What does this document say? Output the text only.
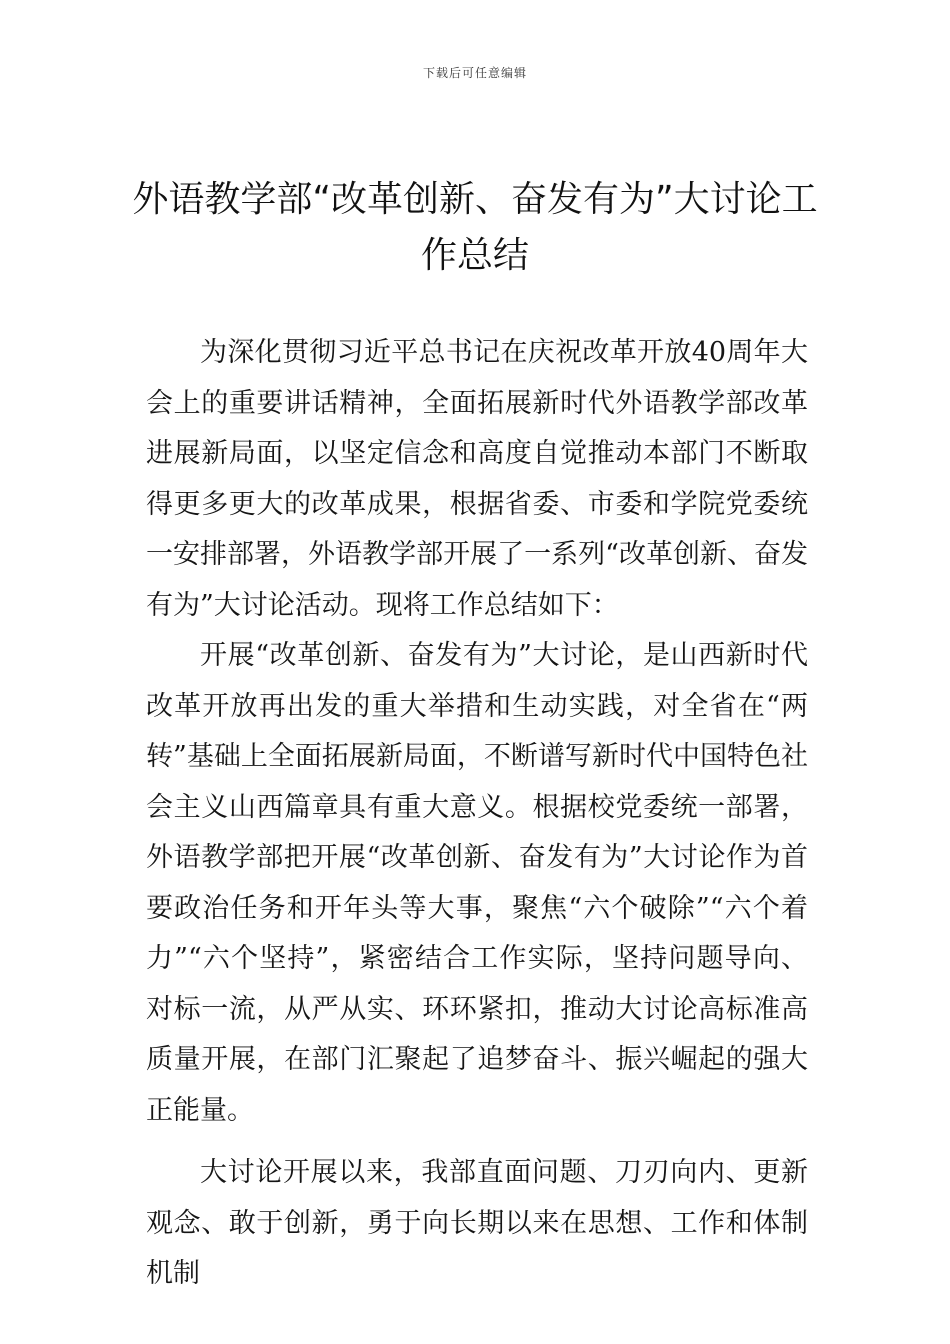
下载后可任意编辑
外语教学部“改革创新、奋发有为”大讨论工作总结

为深化贯彻习近平总书记在庆祝改革开放40周年大会上的重要讲话精神，全面拓展新时代外语教学部改革进展新局面，以坚定信念和高度自觉推动本部门不断取得更多更大的改革成果，根据省委、市委和学院党委统一安排部署，外语教学部开展了一系列“改革创新、奋发有为”大讨论活动。现将工作总结如下：

开展“改革创新、奋发有为”大讨论，是山西新时代改革开放再出发的重大举措和生动实践，对全省在“两转”基础上全面拓展新局面，不断谱写新时代中国特色社会主义山西篇章具有重大意义。根据校党委统一部署，外语教学部把开展“改革创新、奋发有为”大讨论作为首要政治任务和开年头等大事，聚焦“六个破除”“六个着力”“六个坚持”，紧密结合工作实际，坚持问题导向、对标一流，从严从实、环环紧扣，推动大讨论高标准高质量开展，在部门汇聚起了追梦奋斗、振兴崛起的强大正能量。

大讨论开展以来，我部直面问题、刀刃向内、更新观念、敢于创新，勇于向长期以来在思想、工作和体制机制
